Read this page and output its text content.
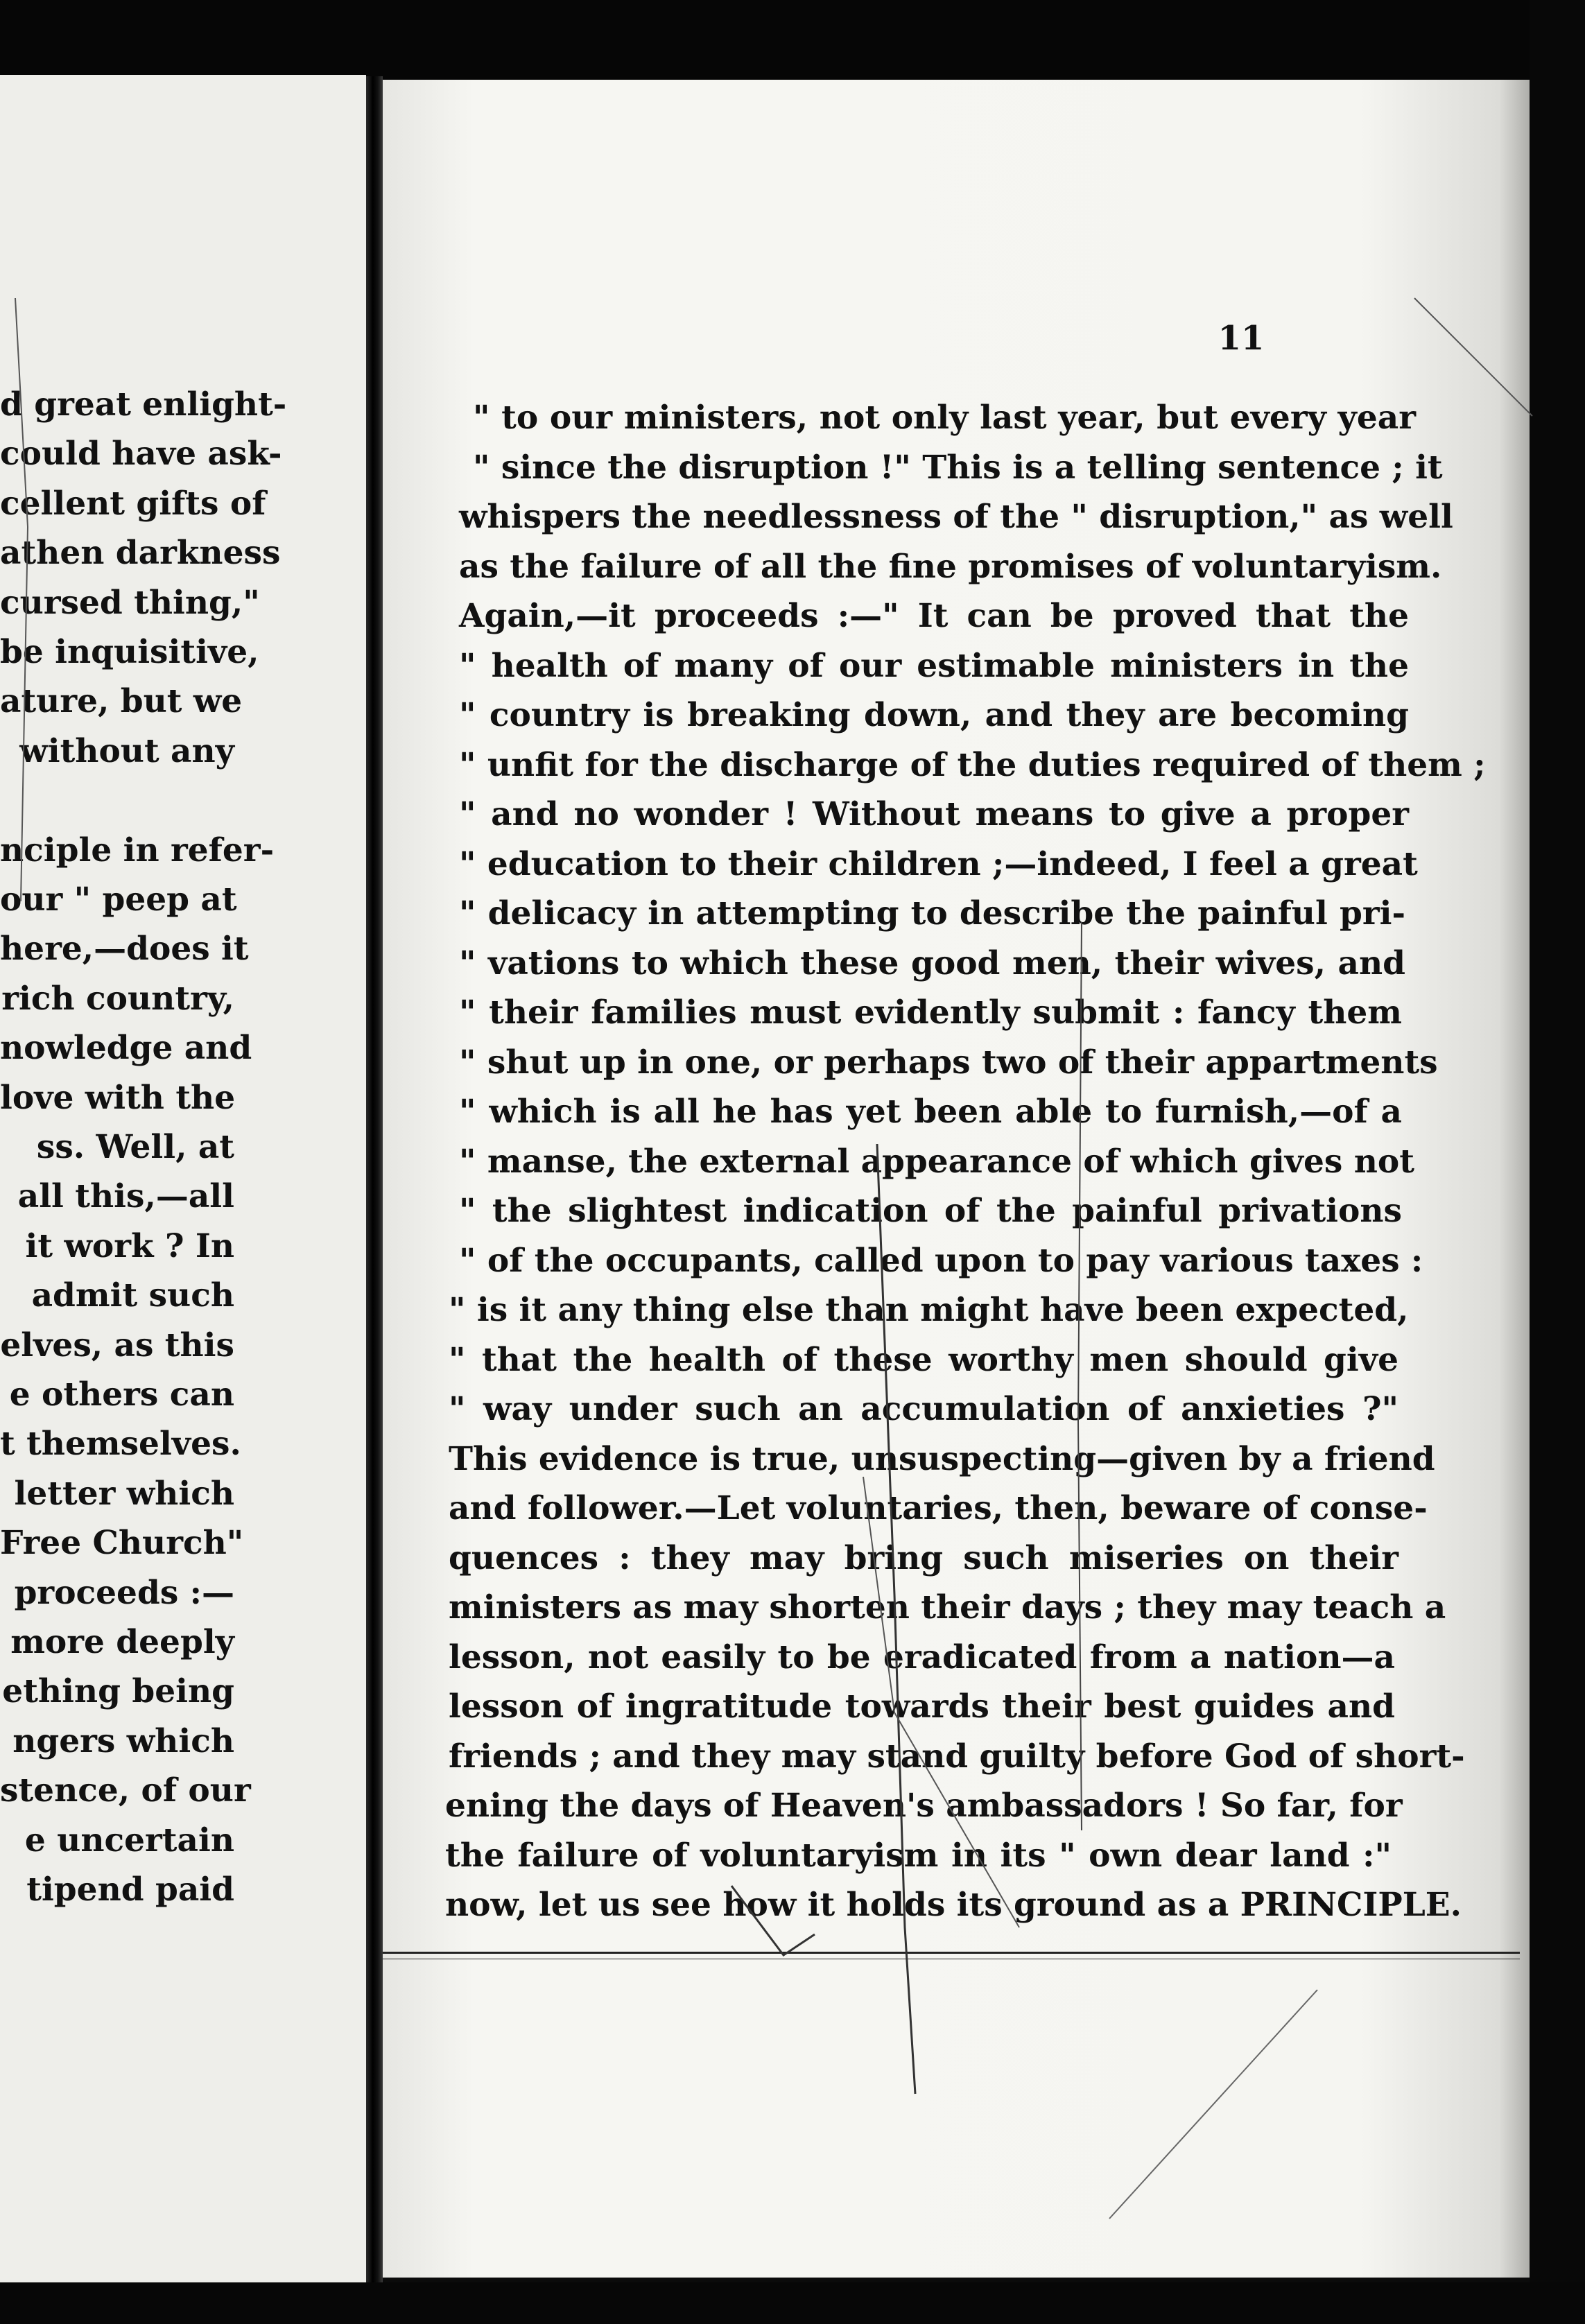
d great enlight-
could have ask-
cellent gifts of
athen darkness
cursed thing,"
be inquisitive,
ature, but we
without any
nciple in refer-
our " peep at
here,—does it
rich country,
nowledge and
love with the
ss. Well, at
all this,—all
it work ? In
admit such
elves, as this
e others can
t themselves.
letter which
Free Church"
proceeds :—
more deeply
ething being
ngers which
stence, of our
e uncertain
tipend paid
11
" to our ministers, not only last year, but every year
" since the disruption !" This is a telling sentence ; it
whispers the needlessness of the " disruption," as well
as the failure of all the fine promises of voluntaryism.
Again,—it proceeds :—" It can be proved that the
" health of many of our estimable ministers in the
" country is breaking down, and they are becoming
" unfit for the discharge of the duties required of them ;
" and no wonder ! Without means to give a proper
" education to their children ;—indeed, I feel a great
" delicacy in attempting to describe the painful pri-
" vations to which these good men, their wives, and
" their families must evidently submit : fancy them
" shut up in one, or perhaps two of their appartments
" which is all he has yet been able to furnish,—of a
" manse, the external appearance of which gives not
" the slightest indication of the painful privations
" of the occupants, called upon to pay various taxes :
" is it any thing else than might have been expected,
" that the health of these worthy men should give
" way under such an accumulation of anxieties ?"
This evidence is true, unsuspecting—given by a friend
and follower.—Let voluntaries, then, beware of conse-
quences : they may bring such miseries on their
ministers as may shorten their days ; they may teach a
lesson, not easily to be eradicated from a nation—a
lesson of ingratitude towards their best guides and
friends ; and they may stand guilty before God of short-
ening the days of Heaven's ambassadors ! So far, for
the failure of voluntaryism in its " own dear land :"
now, let us see how it holds its ground as a PRINCIPLE.
